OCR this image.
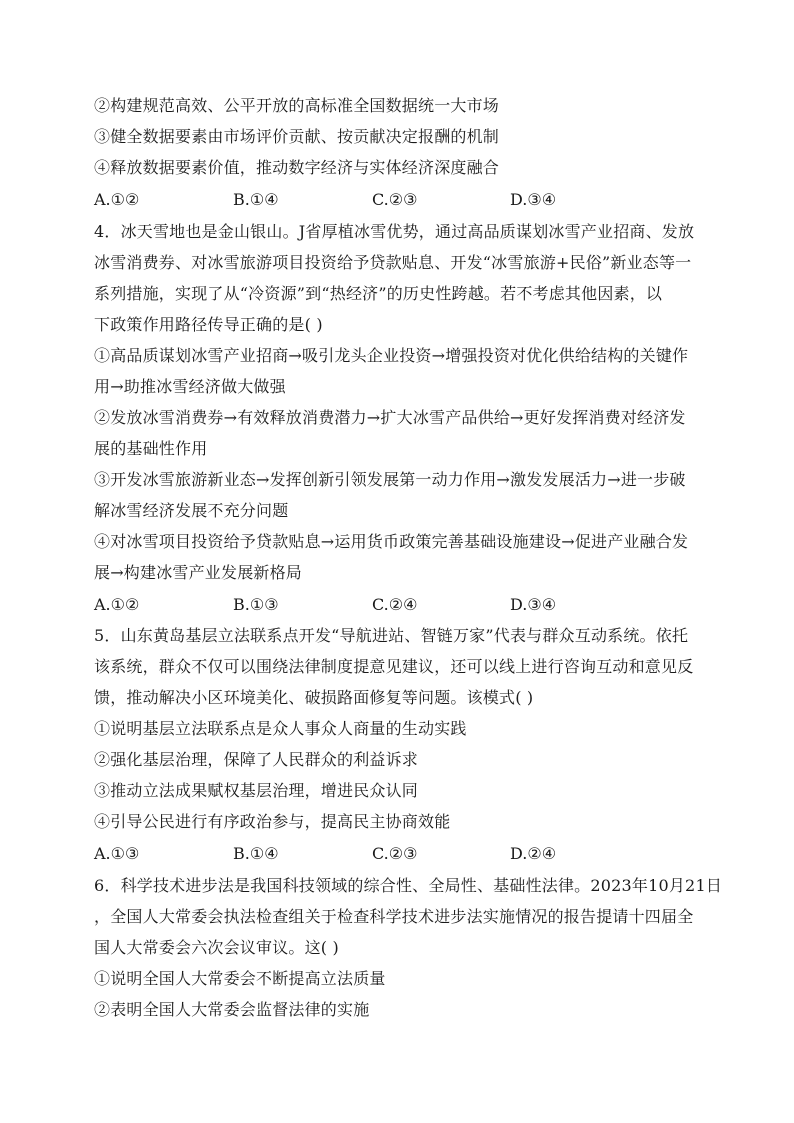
②构建规范高效、公平开放的高标准全国数据统一大市场
③健全数据要素由市场评价贡献、按贡献决定报酬的机制
④释放数据要素价值，推动数字经济与实体经济深度融合
A.①②	B.①④	C.②③	D.③④
4．冰天雪地也是金山银山。J省厚植冰雪优势，通过高品质谋划冰雪产业招商、发放
冰雪消费券、对冰雪旅游项目投资给予贷款贴息、开发“冰雪旅游+民俗”新业态等一
系列措施，实现了从“冷资源”到“热经济”的历史性跨越。若不考虑其他因素，以
下政策作用路径传导正确的是( )
①高品质谋划冰雪产业招商→吸引龙头企业投资→增强投资对优化供给结构的关键作
用→助推冰雪经济做大做强
②发放冰雪消费券→有效释放消费潜力→扩大冰雪产品供给→更好发挥消费对经济发
展的基础性作用
③开发冰雪旅游新业态→发挥创新引领发展第一动力作用→激发发展活力→进一步破
解冰雪经济发展不充分问题
④对冰雪项目投资给予贷款贴息→运用货币政策完善基础设施建设→促进产业融合发
展→构建冰雪产业发展新格局
A.①②	B.①③	C.②④	D.③④
5．山东黄岛基层立法联系点开发“导航进站、智链万家”代表与群众互动系统。依托
该系统，群众不仅可以围绕法律制度提意见建议，还可以线上进行咨询互动和意见反
馈，推动解决小区环境美化、破损路面修复等问题。该模式( )
①说明基层立法联系点是众人事众人商量的生动实践
②强化基层治理，保障了人民群众的利益诉求
③推动立法成果赋权基层治理，增进民众认同
④引导公民进行有序政治参与，提高民主协商效能
A.①③	B.①④	C.②③	D.②④
6．科学技术进步法是我国科技领域的综合性、全局性、基础性法律。2023年10月21日
，全国人大常委会执法检查组关于检查科学技术进步法实施情况的报告提请十四届全
国人大常委会六次会议审议。这( )
①说明全国人大常委会不断提高立法质量
②表明全国人大常委会监督法律的实施
